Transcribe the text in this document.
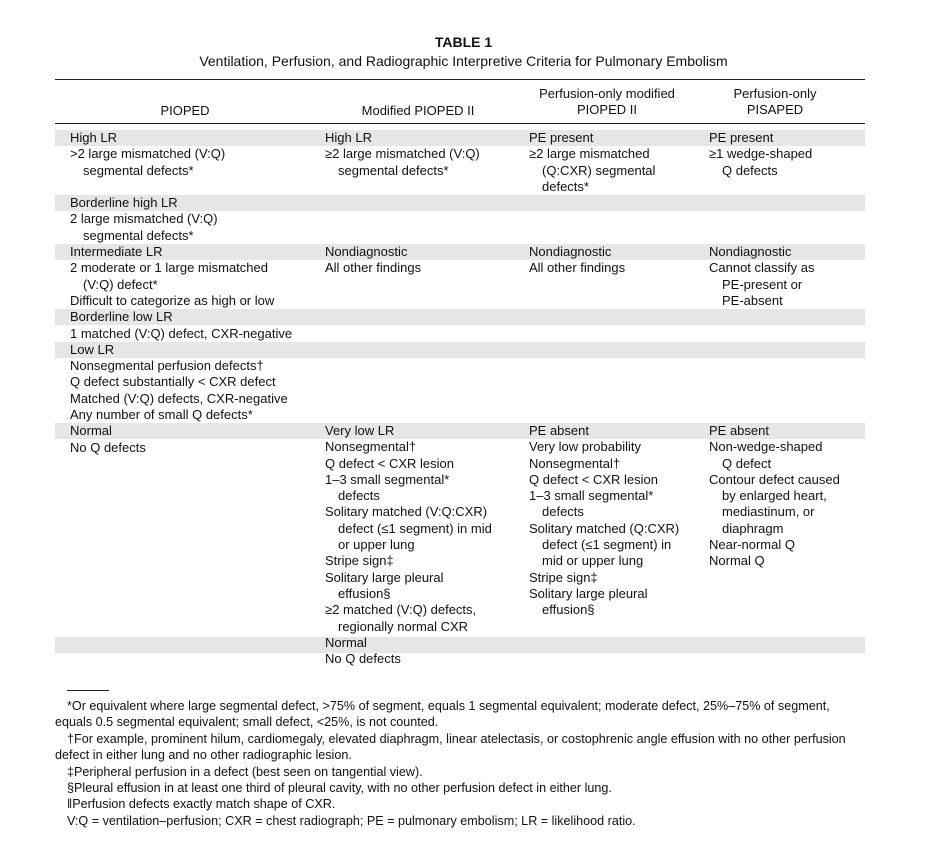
TABLE 1
Ventilation, Perfusion, and Radiographic Interpretive Criteria for Pulmonary Embolism
PIOPED	Modified PIOPED II
Perfusion-only modified
PIOPED II
Perfusion-only
PISAPED
High LR
>2 large mismatched (V:Q)
segmental defects*
Borderline high LR
2 large mismatched (V:Q)
segmental defects*
Intermediate LR
2 moderate or 1 large mismatched
(V:Q) defect*
Difficult to categorize as high or low
Borderline low LR
1 matched (V:Q) defect, CXR-negative
Low LR
Nonsegmental perfusion defects†
Q defect substantially < CXR defect
Matched (V:Q) defects, CXR-negative
Any number of small Q defects*
Normal
No Q defects
High LR
≥2 large mismatched (V:Q)
segmental defects*
Nondiagnostic
All other findings
Very low LR
Nonsegmental†
Q defect < CXR lesion
1–3 small segmental*
defects
Solitary matched (V:Q:CXR)
defect (≤1 segment) in mid
or upper lung
Stripe sign‡
Solitary large pleural
effusion§
≥2 matched (V:Q) defects,
regionally normal CXR
Normal
No Q defects
PE present
≥2 large mismatched
(Q:CXR) segmental
defects*
Nondiagnostic
All other findings
PE absent
Very low probability
Nonsegmental†
Q defect < CXR lesion
1–3 small segmental*
defects
Solitary matched (Q:CXR)
defect (≤1 segment) in
mid or upper lung
Stripe sign‡
Solitary large pleural
effusion§
PE present
≥1 wedge-shaped
Q defects
Nondiagnostic
Cannot classify as
PE-present or
PE-absent
PE absent
Non-wedge-shaped
Q defect
Contour defect caused
by enlarged heart,
mediastinum, or
diaphragm
Near-normal Q
Normal Q

*Or equivalent where large segmental defect, >75% of segment, equals 1 segmental equivalent; moderate defect, 25%–75% of segment, equals 0.5 segmental equivalent; small defect, <25%, is not counted.

†For example, prominent hilum, cardiomegaly, elevated diaphragm, linear atelectasis, or costophrenic angle effusion with no other perfusion defect in either lung and no other radiographic lesion.

‡Peripheral perfusion in a defect (best seen on tangential view).

§Pleural effusion in at least one third of pleural cavity, with no other perfusion defect in either lung.

‖Perfusion defects exactly match shape of CXR.

V:Q = ventilation–perfusion; CXR = chest radiograph; PE = pulmonary embolism; LR = likelihood ratio.
